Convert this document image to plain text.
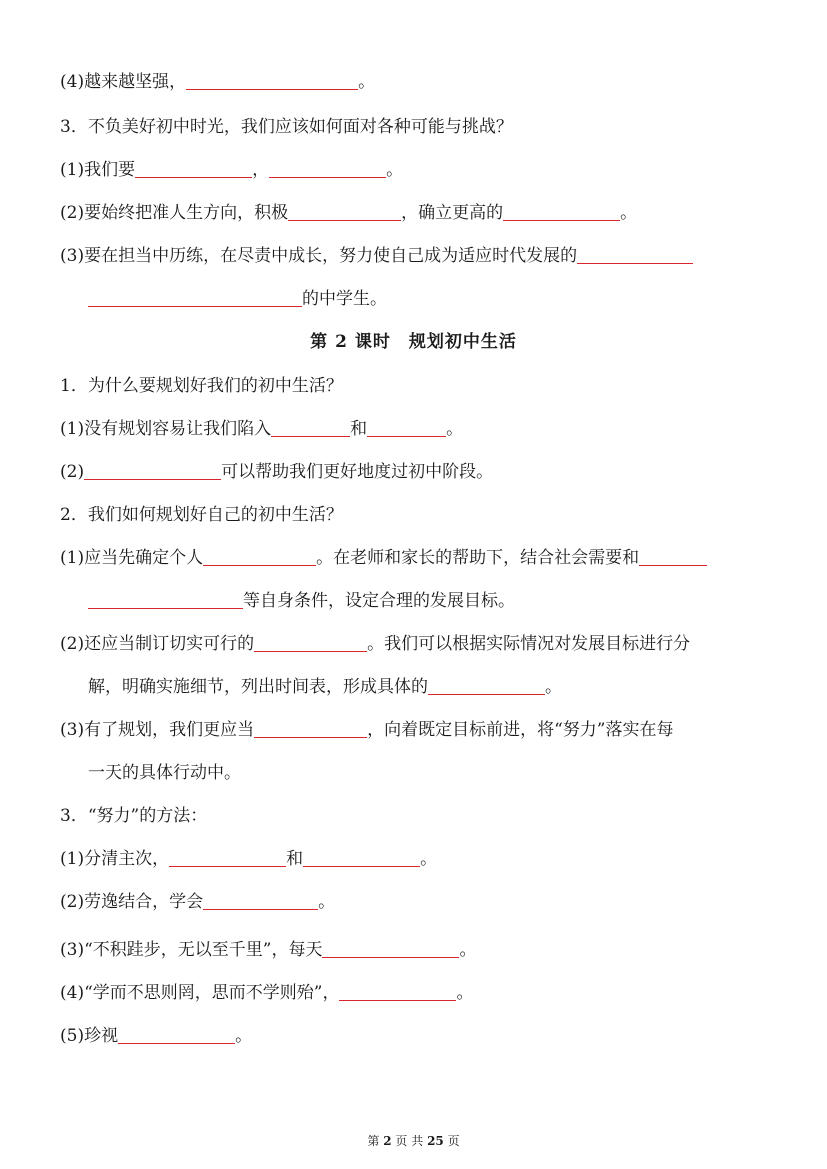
(4)越来越坚强，	。
3．不负美好初中时光，我们应该如何面对各种可能与挑战？
(1)我们要	，	。
(2)要始终把准人生方向，积极	，确立更高的	。
(3)要在担当中历练，在尽责中成长，努力使自己成为适应时代发展的
的中学生。
第 2 课时　规划初中生活
1．为什么要规划好我们的初中生活？
(1)没有规划容易让我们陷入	和	。
(2)	可以帮助我们更好地度过初中阶段。
2．我们如何规划好自己的初中生活？
(1)应当先确定个人	。在老师和家长的帮助下，结合社会需要和
等自身条件，设定合理的发展目标。
(2)还应当制订切实可行的	。我们可以根据实际情况对发展目标进行分
解，明确实施细节，列出时间表，形成具体的	。
(3)有了规划，我们更应当	，向着既定目标前进，将“努力”落实在每
一天的具体行动中。
3．“努力”的方法：
(1)分清主次，	和	。
(2)劳逸结合，学会	。
(3)“不积跬步，无以至千里”，每天	。
(4)“学而不思则罔，思而不学则殆”，	。
(5)珍视	。
第 2 页 共 25 页
